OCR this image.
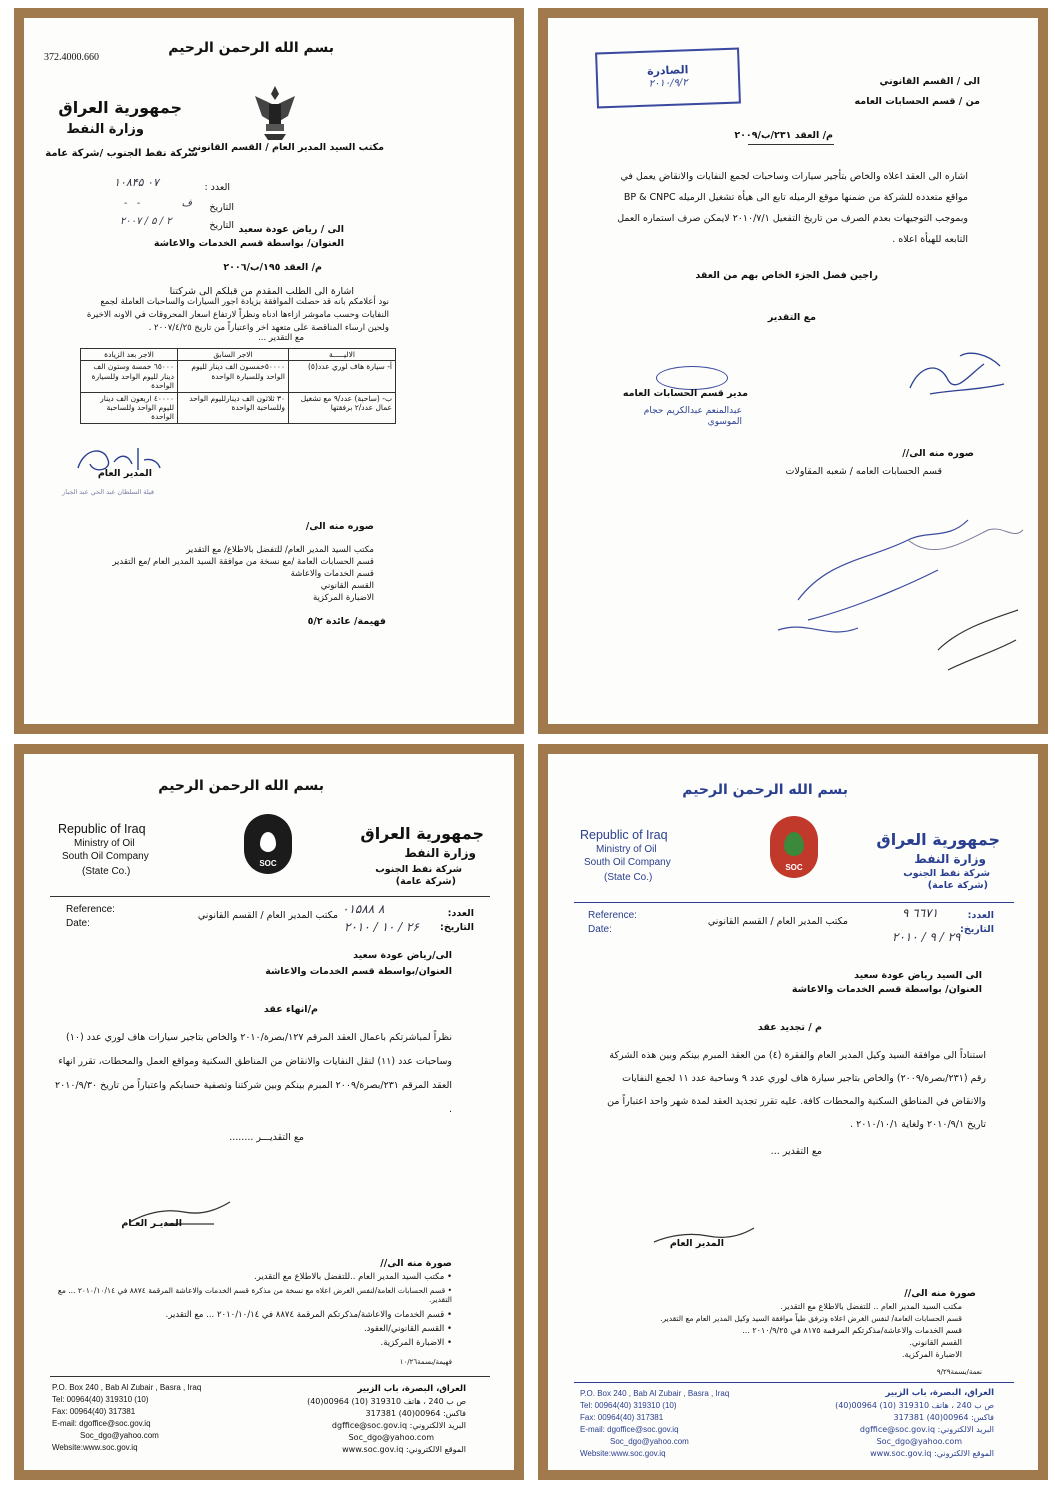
372.4000.660
بسم الله الرحمن الرحيم
جمهورية العراق
وزارة النفط
شركة نفط الجنوب /شركة عامة
مكتب السيد المدير العام / القسم القانوني
العدد :
۱۰۸۴۵ ۰۷
التاريخ
-   -             ف
التاريخ
۲۰۰۷ / ۵ / ۲
الى / رياض عودة سعيد
العنوان/ بواسطة قسم الخدمات والاعاشة
م/ العقد ١٩٥/ب/٢٠٠٦
اشارة الى الطلب المقدم من قبلكم الى شركتنا
نود أعلامكم بانه قد حصلت الموافقة بزيادة اجور السيارات والساحبات العاملة لجمع النفايات وحسب ماموشر ازاءها ادناه ونظراً لارتفاع اسعار المحروقات في الاونه الاخيرة ولحين ارساء المناقصة على متعهد اخر واعتباراً من تاريخ ٢٠٠٧/٤/٢٥ .
مع التقدير ...
الاليـــــة	الاجر السابق	الاجر بعد الزيادة
أ- سيارة هاف لوري عدد(٥)	٥٠٠٠٠خمسون الف دينار لليوم الواحد وللسيارة الواحدة	٦٥٠٠٠ خمسة وستون الف دينار لليوم الواحد وللسيارة الواحدة
ب- (ساحبة) عدد/٩ مع تشغيل عمال عدد/٢ برفقتها	٣٠ ثلاثون الف دينارلليوم الواحد وللساحبة الواحدة	٤٠٠٠٠ اربعون الف دينار لليوم الواحد وللساحبة الواحدة
المدير العام
قيلة السلطان عبد الحي عبد الجبار
صوره منه الى/
مكتب السيد المدير العام/ للتفضل بالاطلاع/ مع التقدير
قسم الحسابات العامة /مع نسخة من موافقة السيد المدير العام /مع التقدير
قسم الخدمات والاعاشة
القسم القانوني
الاضبارة المركزية
فهيمة/ عائدة ٥/٢
الصادرة
۲۰۱۰/۹/۲	الى / القسم القانوني
من / قسم الحسابات العامه
م/ العقد ٢٣١/ب/٢٠٠٩
اشاره الى العقد اعلاه والخاص بتأجير سيارات وساحبات لجمع النفايات والانقاض يعمل في مواقع متعدده للشركة من ضمنها موقع الرميله تابع الى هيأة تشغيل الرميله BP & CNPC وبموجب التوجيهات بعدم الصرف من تاريخ التفعيل ٢٠١٠/٧/١ لايمكن صرف استماره العمل التابعه للهيأة اعلاه .
راجين فصل الجزء الخاص بهم من العقد
مع التقدير
مدير قسم الحسابات العامه
عبدالمنعم عبدالكريم حجام الموسوي
صوره منه الى//
قسم الحسابات العامه / شعبه المقاولات
بسم الله الرحمن الرحيم
Republic of Iraq
Ministry of Oil
South Oil Company
(State Co.)
SOC
جمهورية العراق
وزارة النفط
شركة نفط الجنوب
(شركة عامة)
Reference:
Date:
مكتب المدير العام / القسم القانوني	العدد:
۰۱۵۸۸ ۸
التاريخ:
۲۰۱۰ / ۱۰ / ۲۶
الى/رياض عودة سعيد
العنوان/بواسطة قسم الخدمات والاعاشة
م/انهاء عقد
نظراً لمباشرتكم باعمال العقد المرقم ١٢٧/بصرة/٢٠١٠ والخاص بتاجير سيارات هاف لوري عدد (١٠) وساحبات عدد (١١) لنقل النفايات والانقاض من المناطق السكنية ومواقع العمل والمحطات، تقرر انهاء العقد المرقم ٢٣١/بصرة/٢٠٠٩ المبرم بينكم وبين شركتنا وتصفية حسابكم واعتباراً من تاريخ ٢٠١٠/٩/٣٠ .
مع التقديـــر ........
المديـر العـام
صورة منه الى//
• مكتب السيد المدير العام ..للتفضل بالاطلاع مع التقدير.
• قسم الحسابات العامة/لنفس الغرض اعلاه مع نسخة من مذكرة قسم الخدمات والاعاشة المرقمة ٨٨٧٤ في ٢٠١٠/١٠/١٤ ... مع التقدير.
• قسم الخدمات والاعاشة/مذكرتكم المرقمة ٨٨٧٤ في ٢٠١٠/١٠/١٤ ... مع التقدير.
• القسم القانوني/العقود.
• الاضبارة المركزية.
فهيمة/بسمة١٠/٢٦
P.O. Box 240 , Bab Al Zubair , Basra , Iraq
Tel: 00964(40) 319310 (10)
Fax: 00964(40) 317381
E-mail: dgoffice@soc.gov.iq
Soc_dgo@yahoo.com
Website:www.soc.gov.iq
العراق، البصرة، باب الزبير
ص ب 240 ، هاتف 319310 (10) 00964(40)
فاكس: 00964(40) 317381
البريد الالكتروني: dgffice@soc.gov.iq
Soc_dgo@yahoo.com
الموقع الالكتروني: www.soc.gov.iq
بسم الله الرحمن الرحيم
Republic of Iraq
Ministry of Oil
South Oil Company
(State Co.)
SOC
جمهورية العراق
وزارة النفط
شركة نفط الجنوب
(شركة عامة)
Reference:
Date:
مكتب المدير العام / القسم القانوني
العدد:
۹ ٦٦٧١
التاريخ:
۲۰۱۰ / ۹ / ۲۹
الى السيد رياض عودة سعيد
العنوان/ بواسطة قسم الخدمات والاعاشة
م / تجديد عقد
استناداً الى موافقة السيد وكيل المدير العام والفقرة (٤) من العقد المبرم بينكم وبين هذه الشركة رقم (٢٣١/بصرة/٢٠٠٩) والخاص بتاجير سيارة هاف لوري عدد ٩ وساحبة عدد ١١ لجمع النفايات والانقاض في المناطق السكنية والمحطات كافة. عليه تقرر تجديد العقد لمدة شهر واحد اعتباراً من تاريخ ٢٠١٠/٩/١ ولغاية ٢٠١٠/١٠/١ .
مع التقدير ...
المدير العام
صورة منه الى//
مكتب السيد المدير العام .. للتفضل بالاطلاع مع التقدير.
قسم الحسابات العامة/ لنفس الغرض اعلاه وترفق طياً موافقة السيد وكيل المدير العام مع التقدير.
قسم الخدمات والاعاشة/مذكرتكم المرقمة ٨١٧٥ في ٢٠١٠/٩/٢٥ ...
القسم القانوني.
الاضبارة المركزية.
نعمة/بسمة٩/٢٩
P.O. Box 240 , Bab Al Zubair , Basra , Iraq
Tel: 00964(40) 319310 (10)
Fax: 00964(40) 317381
E-mail: dgoffice@soc.gov.iq
Soc_dgo@yahoo.com
Website:www.soc.gov.iq
العراق، البصرة، باب الزبير
ص ب 240 ، هاتف 319310 (10) 00964(40)
فاكس: 00964(40) 317381
البريد الالكتروني: dgffice@soc.gov.iq
Soc_dgo@yahoo.com
الموقع الالكتروني: www.soc.gov.iq
